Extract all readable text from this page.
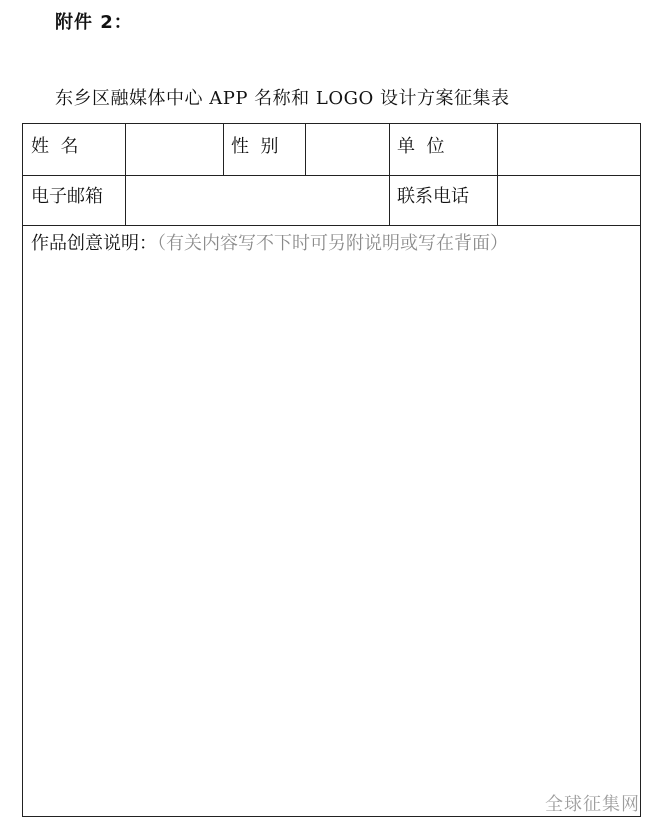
附件 2：
东乡区融媒体中心 APP 名称和 LOGO 设计方案征集表
姓  名	性  别	单  位
电子邮箱	联系电话
作品创意说明：（有关内容写不下时可另附说明或写在背面）
全球征集网
